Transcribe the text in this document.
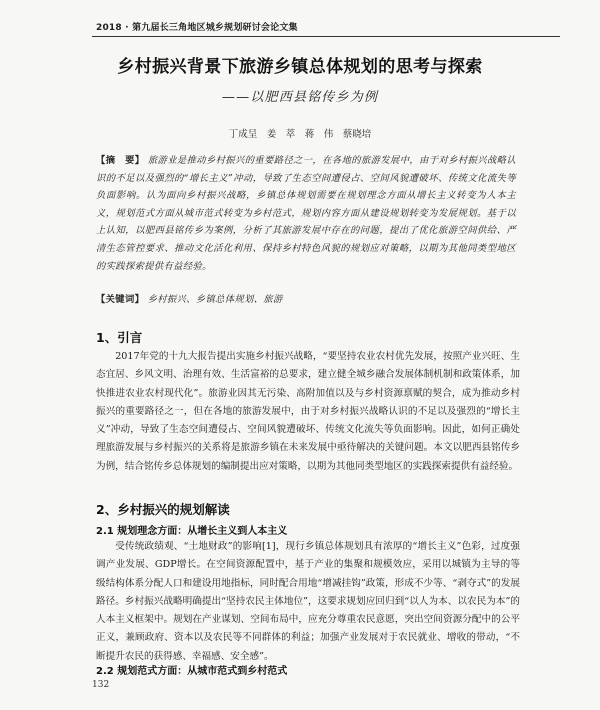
2018 · 第九届长三角地区城乡规划研讨会论文集
乡村振兴背景下旅游乡镇总体规划的思考与探索
——以肥西县铭传乡为例
丁成呈　姜　萃　蒋　伟　蔡晓培
【摘　要】 旅游业是推动乡村振兴的重要路径之一，在各地的旅游发展中，由于对乡村振兴战略认识的不足以及强烈的“增长主义”冲动，导致了生态空间遭侵占、空间风貌遭破坏、传统文化流失等负面影响。认为面向乡村振兴战略，乡镇总体规划需要在规划理念方面从增长主义转变为人本主义，规划范式方面从城市范式转变为乡村范式，规划内容方面从建设规划转变为发展规划。基于以上认知，以肥西县铭传乡为案例，分析了其旅游发展中存在的问题，提出了优化旅游空间供给、严清生态管控要求、推动文化活化利用、保持乡村特色风貌的规划应对策略，以期为其他同类型地区的实践探索提供有益经验。
【关键词】 乡村振兴、乡镇总体规划、旅游
1、引言
2017年党的十九大报告提出实施乡村振兴战略，“要坚持农业农村优先发展，按照产业兴旺、生态宜居、乡风文明、治理有效、生活富裕的总要求，建立健全城乡融合发展体制机制和政策体系，加快推进农业农村现代化”。旅游业因其无污染、高附加值以及与乡村资源禀赋的契合，成为推动乡村振兴的重要路径之一，但在各地的旅游发展中，由于对乡村振兴战略认识的不足以及强烈的“增长主义”冲动，导致了生态空间遭侵占、空间风貌遭破坏、传统文化流失等负面影响。因此，如何正确处理旅游发展与乡村振兴的关系将是旅游乡镇在未来发展中亟待解决的关键问题。本文以肥西县铭传乡为例，结合铭传乡总体规划的编制提出应对策略，以期为其他同类型地区的实践探索提供有益经验。
2、乡村振兴的规划解读
2.1 规划理念方面：从增长主义到人本主义
受传统政绩观、“土地财政”的影响[1]，现行乡镇总体规划具有浓厚的“增长主义”色彩，过度强调产业发展、GDP增长。在空间资源配置中，基于产业的集聚和规模效应，采用以城镇为主导的等级结构体系分配人口和建设用地指标，同时配合用地“增减挂钩”政策，形成不少等、“剥夺式”的发展路径。乡村振兴战略明确提出“坚持农民主体地位”，这要求规划应回归到“以人为本、以农民为本”的人本主义框架中。规划在产业谋划、空间布局中，应充分尊重农民意愿，突出空间资源分配中的公平正义，兼顾政府、资本以及农民等不同群体的利益；加强产业发展对于农民就业、增收的带动，“不断提升农民的获得感、幸福感、安全感”。
2.2 规划范式方面：从城市范式到乡村范式
132
